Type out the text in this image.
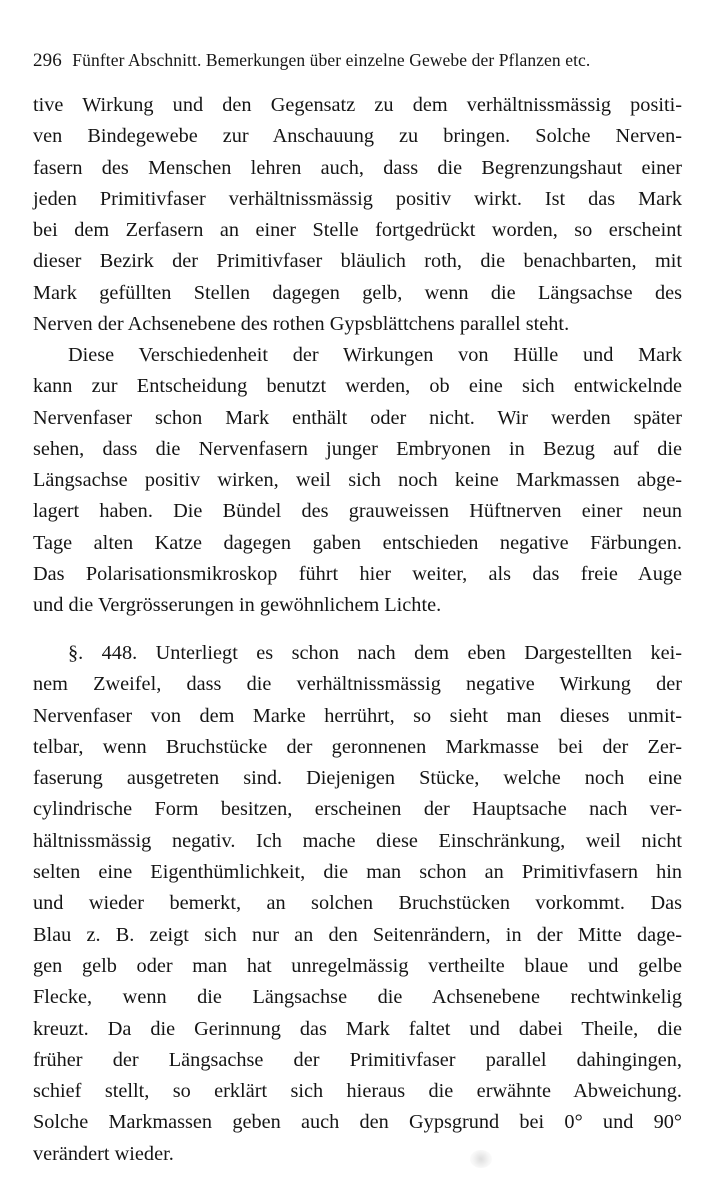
296 Fünfter Abschnitt. Bemerkungen über einzelne Gewebe der Pflanzen etc.
tive Wirkung und den Gegensatz zu dem verhältnissmässig positi-
ven Bindegewebe zur Anschauung zu bringen. Solche Nerven-
fasern des Menschen lehren auch, dass die Begrenzungshaut einer
jeden Primitivfaser verhältnissmässig positiv wirkt. Ist das Mark
bei dem Zerfasern an einer Stelle fortgedrückt worden, so erscheint
dieser Bezirk der Primitivfaser bläulich roth, die benachbarten, mit
Mark gefüllten Stellen dagegen gelb, wenn die Längsachse des
Nerven der Achsenebene des rothen Gypsblättchens parallel steht.
Diese Verschiedenheit der Wirkungen von Hülle und Mark
kann zur Entscheidung benutzt werden, ob eine sich entwickelnde
Nervenfaser schon Mark enthält oder nicht. Wir werden später
sehen, dass die Nervenfasern junger Embryonen in Bezug auf die
Längsachse positiv wirken, weil sich noch keine Markmassen abge-
lagert haben. Die Bündel des grauweissen Hüftnerven einer neun
Tage alten Katze dagegen gaben entschieden negative Färbungen.
Das Polarisationsmikroskop führt hier weiter, als das freie Auge
und die Vergrösserungen in gewöhnlichem Lichte.
§. 448. Unterliegt es schon nach dem eben Dargestellten kei-
nem Zweifel, dass die verhältnissmässig negative Wirkung der
Nervenfaser von dem Marke herrührt, so sieht man dieses unmit-
telbar, wenn Bruchstücke der geronnenen Markmasse bei der Zer-
faserung ausgetreten sind. Diejenigen Stücke, welche noch eine
cylindrische Form besitzen, erscheinen der Hauptsache nach ver-
hältnissmässig negativ. Ich mache diese Einschränkung, weil nicht
selten eine Eigenthümlichkeit, die man schon an Primitivfasern hin
und wieder bemerkt, an solchen Bruchstücken vorkommt. Das
Blau z. B. zeigt sich nur an den Seitenrändern, in der Mitte dage-
gen gelb oder man hat unregelmässig vertheilte blaue und gelbe
Flecke, wenn die Längsachse die Achsenebene rechtwinkelig
kreuzt. Da die Gerinnung das Mark faltet und dabei Theile, die
früher der Längsachse der Primitivfaser parallel dahingingen,
schief stellt, so erklärt sich hieraus die erwähnte Abweichung.
Solche Markmassen geben auch den Gypsgrund bei 0° und 90°
verändert wieder.
